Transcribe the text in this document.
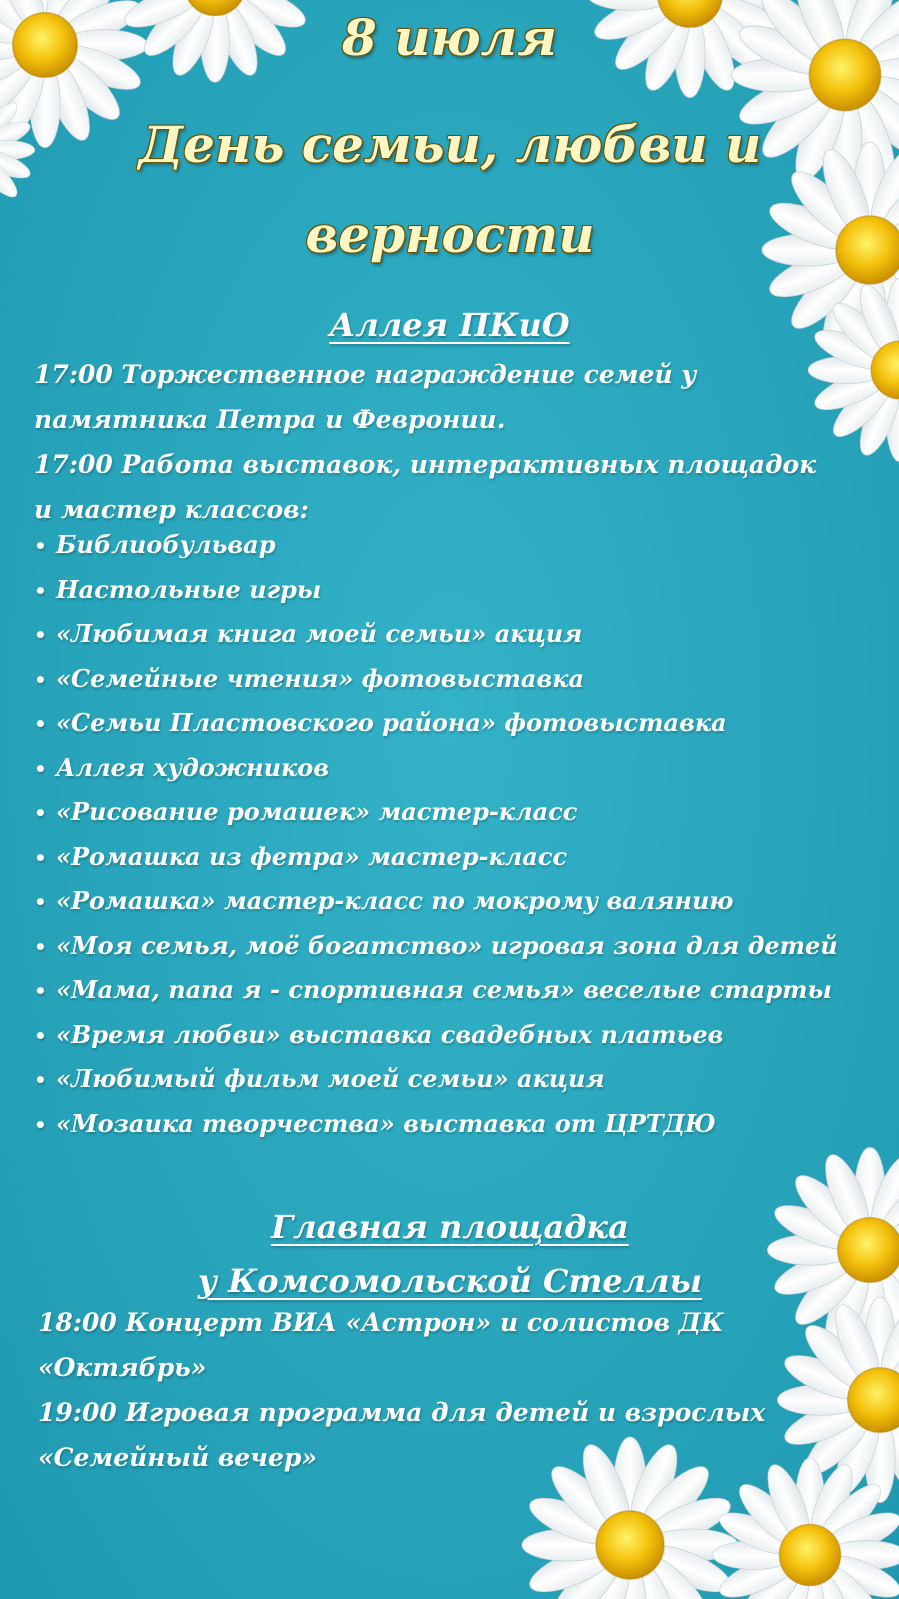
8 июля
День семьи, любви и
верности
Аллея ПКиО
17:00 Торжественное награждение семей у
памятника Петра и Февронии.
17:00 Работа выставок, интерактивных площадок
и мастер классов:
• Библиобульвар
• Настольные игры
• «Любимая книга моей семьи» акция
• «Семейные чтения» фотовыставка
• «Семьи Пластовского района» фотовыставка
• Аллея художников
• «Рисование ромашек» мастер-класс
• «Ромашка из фетра» мастер-класс
• «Ромашка» мастер-класс по мокрому валянию
• «Моя семья, моё богатство» игровая зона для детей
• «Мама, папа я - спортивная семья» веселые старты
• «Время любви» выставка свадебных платьев
• «Любимый фильм моей семьи» акция
• «Мозаика творчества» выставка от ЦРТДЮ
Главная площадка
у Комсомольской Стеллы
18:00 Концерт ВИА «Астрон» и солистов ДК
«Октябрь»
19:00 Игровая программа для детей и взрослых
«Семейный вечер»
